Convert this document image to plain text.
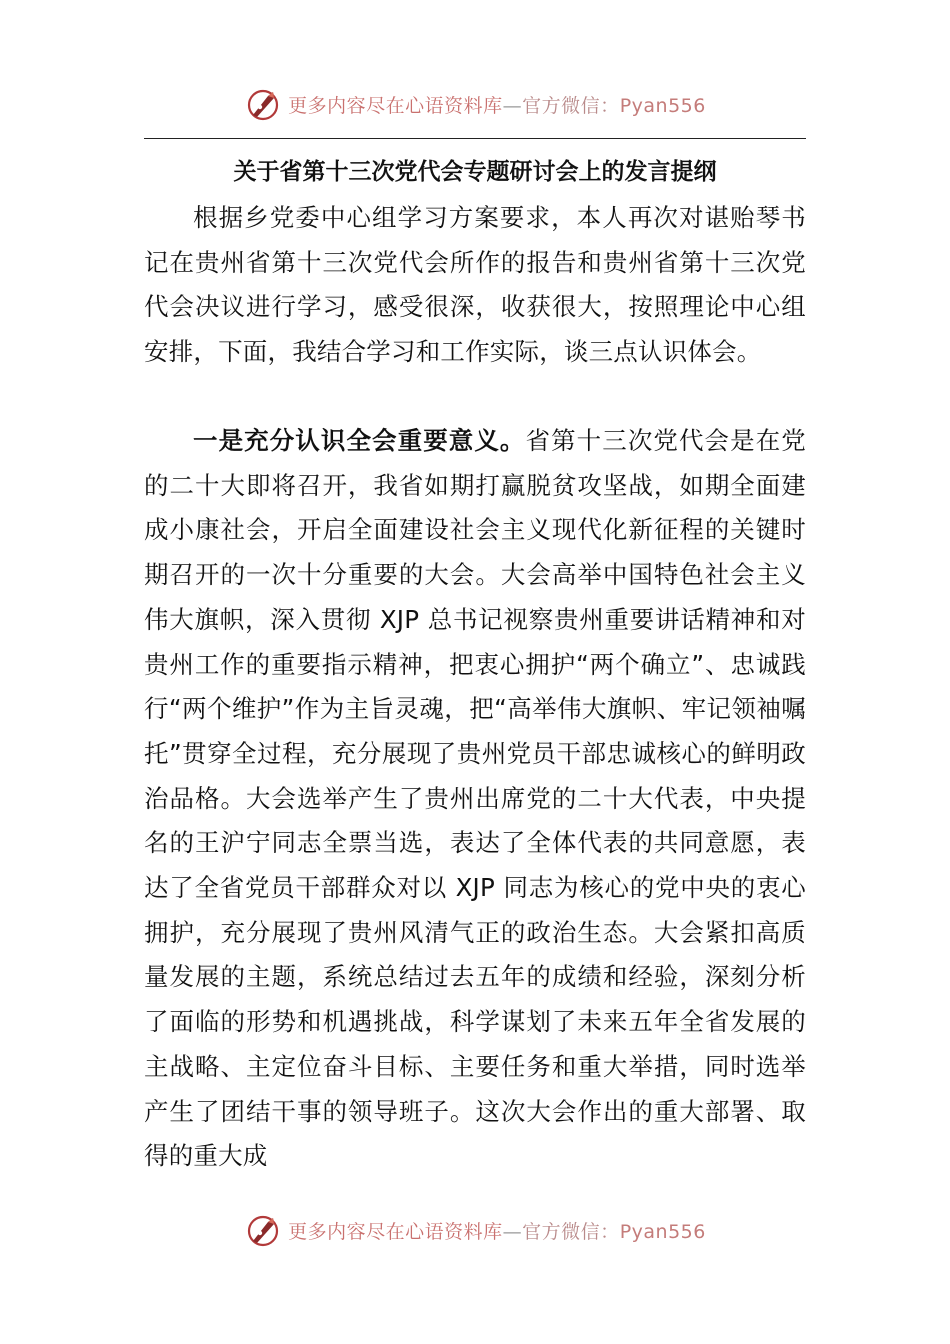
更多内容尽在心语资料库—官方微信：Pyan556
关于省第十三次党代会专题研讨会上的发言提纲

根据乡党委中心组学习方案要求，本人再次对谌贻琴书记在贵州省第十三次党代会所作的报告和贵州省第十三次党代会决议进行学习，感受很深，收获很大，按照理论中心组安排，下面，我结合学习和工作实际，谈三点认识体会。

一是充分认识全会重要意义。省第十三次党代会是在党的二十大即将召开，我省如期打赢脱贫攻坚战，如期全面建成小康社会，开启全面建设社会主义现代化新征程的关键时期召开的一次十分重要的大会。大会高举中国特色社会主义伟大旗帜，深入贯彻 XJP 总书记视察贵州重要讲话精神和对贵州工作的重要指示精神，把衷心拥护“两个确立”、忠诚践行“两个维护”作为主旨灵魂，把“高举伟大旗帜、牢记领袖嘱托”贯穿全过程，充分展现了贵州党员干部忠诚核心的鲜明政治品格。大会选举产生了贵州出席党的二十大代表，中央提名的王沪宁同志全票当选，表达了全体代表的共同意愿，表达了全省党员干部群众对以 XJP 同志为核心的党中央的衷心拥护，充分展现了贵州风清气正的政治生态。大会紧扣高质量发展的主题，系统总结过去五年的成绩和经验，深刻分析了面临的形势和机遇挑战，科学谋划了未来五年全省发展的主战略、主定位奋斗目标、主要任务和重大举措，同时选举产生了团结干事的领导班子。这次大会作出的重大部署、取得的重大成

更多内容尽在心语资料库—官方微信：Pyan556
